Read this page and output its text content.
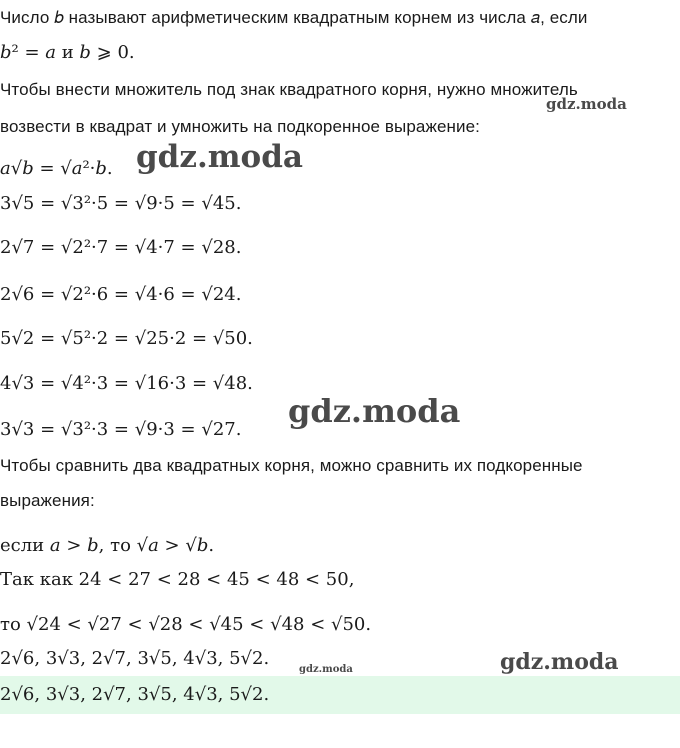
Число 𝑏 называют арифметическим квадратным корнем из числа 𝑎, если
𝑏² = 𝑎 и 𝑏 ⩾ 0.
Чтобы внести множитель под знак квадратного корня, нужно множитель
возвести в квадрат и умножить на подкоренное выражение:
𝑎√𝑏 = √𝑎²·𝑏.
3√5 = √3²·5 = √9·5 = √45.
2√7 = √2²·7 = √4·7 = √28.
2√6 = √2²·6 = √4·6 = √24.
5√2 = √5²·2 = √25·2 = √50.
4√3 = √4²·3 = √16·3 = √48.
3√3 = √3²·3 = √9·3 = √27.
Чтобы сравнить два квадратных корня, можно сравнить их подкоренные
выражения:
если 𝑎 > 𝑏, то √𝑎 > √𝑏.
Так как 24 < 27 < 28 < 45 < 48 < 50,
то √24 < √27 < √28 < √45 < √48 < √50.
2√6, 3√3, 2√7, 3√5, 4√3, 5√2.
2√6, 3√3, 2√7, 3√5, 4√3, 5√2.
gdz.moda
gdz.moda
gdz.moda
gdz.moda	gdz.moda
